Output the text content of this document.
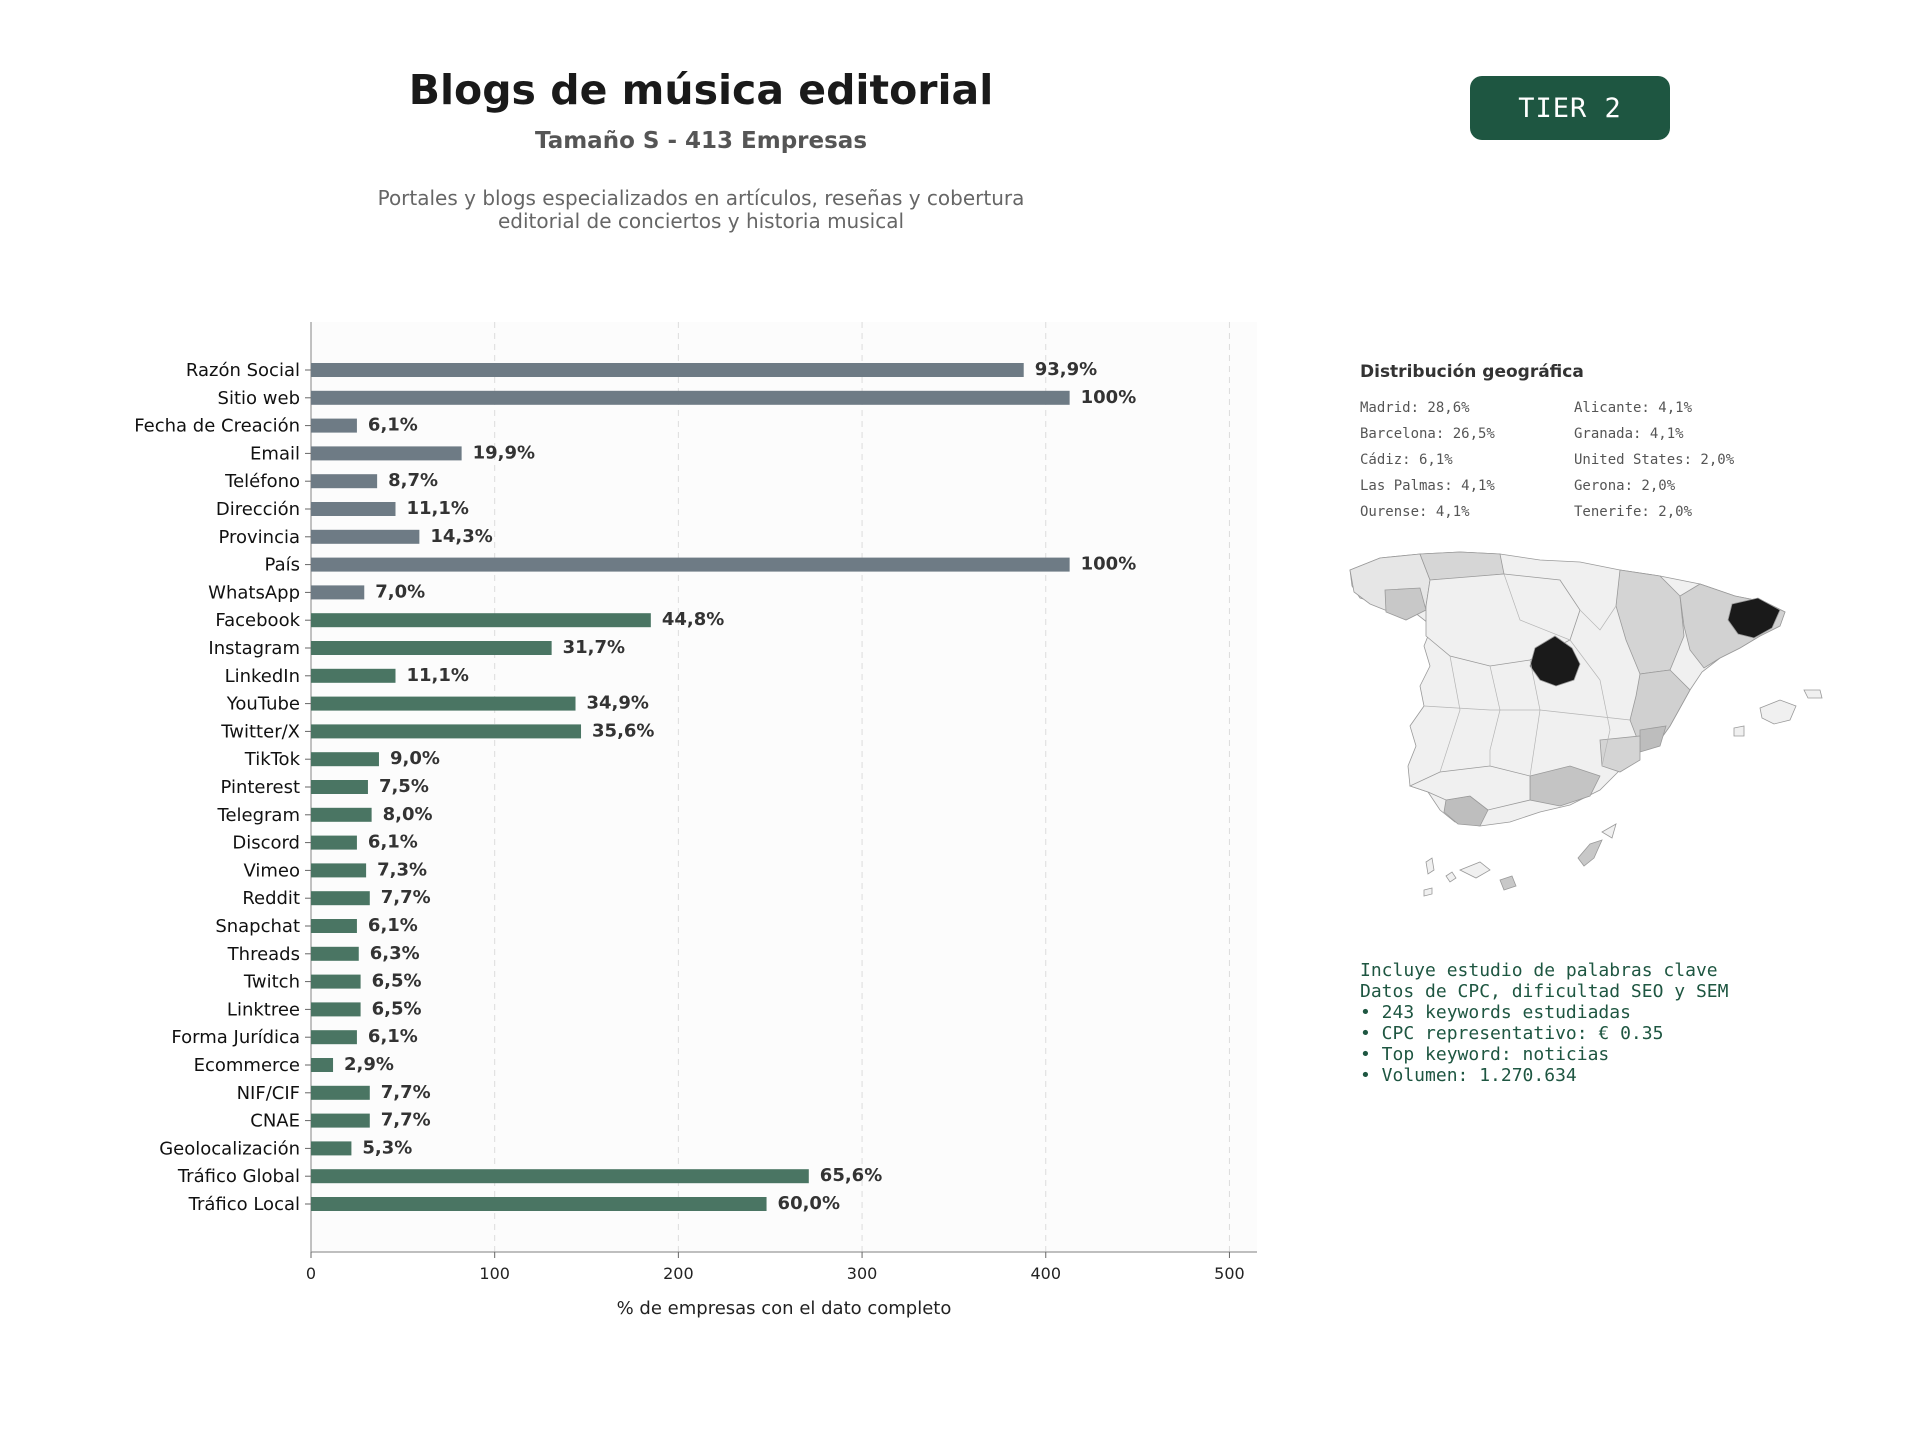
Blogs de música editorial
Tamaño S - 413 Empresas
Portales y blogs especializados en artículos, reseñas y cobertura
editorial de conciertos y historia musical
TIER 2
0	100	200	300	400	500
% de empresas con el dato completo
Razón Social	93,9%
Sitio web	100%
Fecha de Creación	6,1%
Email	19,9%
Teléfono	8,7%
Dirección	11,1%
Provincia	14,3%
País	100%
WhatsApp	7,0%
Facebook	44,8%
Instagram	31,7%
LinkedIn	11,1%
YouTube	34,9%
Twitter/X	35,6%
TikTok	9,0%
Pinterest	7,5%
Telegram	8,0%
Discord	6,1%
Vimeo	7,3%
Reddit	7,7%
Snapchat	6,1%
Threads	6,3%
Twitch	6,5%
Linktree	6,5%
Forma Jurídica	6,1%
Ecommerce 2,9%
NIF/CIF	7,7%
CNAE	7,7%
Geolocalización	5,3%
Tráfico Global	65,6%
Tráfico Local	60,0%
Distribución geográfica
Madrid: 28,6%	Alicante: 4,1%
Barcelona: 26,5%	Granada: 4,1%
Cádiz: 6,1%	United States: 2,0%
Las Palmas: 4,1%	Gerona: 2,0%
Ourense: 4,1%	Tenerife: 2,0%
Incluye estudio de palabras clave
Datos de CPC, dificultad SEO y SEM
• 243 keywords estudiadas
• CPC representativo: € 0.35
• Top keyword: noticias
• Volumen: 1.270.634
